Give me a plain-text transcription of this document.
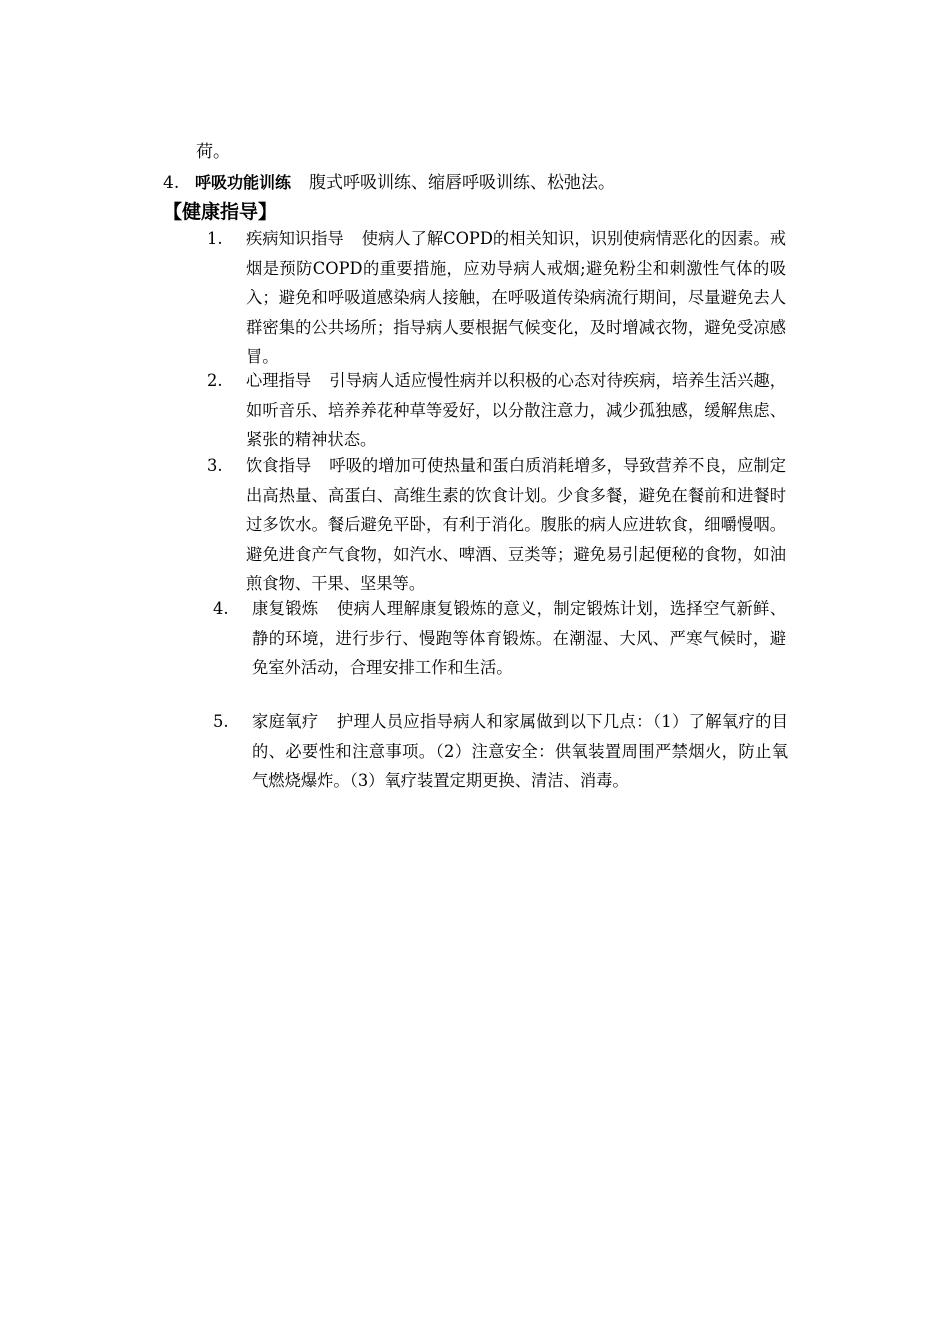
荷。
4. 呼吸功能训练 腹式呼吸训练、缩唇呼吸训练、松弛法。
【健康指导】
1. 疾病知识指导 使病人了解COPD的相关知识，识别使病情恶化的因素。戒烟是预防COPD的重要措施，应劝导病人戒烟;避免粉尘和刺激性气体的吸入；避免和呼吸道感染病人接触，在呼吸道传染病流行期间，尽量避免去人群密集的公共场所；指导病人要根据气候变化，及时增减衣物，避免受凉感冒。
2. 心理指导 引导病人适应慢性病并以积极的心态对待疾病，培养生活兴趣，如听音乐、培养养花种草等爱好，以分散注意力，减少孤独感，缓解焦虑、紧张的精神状态。
3. 饮食指导 呼吸的增加可使热量和蛋白质消耗增多，导致营养不良，应制定出高热量、高蛋白、高维生素的饮食计划。少食多餐，避免在餐前和进餐时过多饮水。餐后避免平卧，有利于消化。腹胀的病人应进软食，细嚼慢咽。避免进食产气食物，如汽水、啤酒、豆类等；避免易引起便秘的食物，如油煎食物、干果、坚果等。
4. 康复锻炼 使病人理解康复锻炼的意义，制定锻炼计划，选择空气新鲜、静的环境，进行步行、慢跑等体育锻炼。在潮湿、大风、严寒气候时，避免室外活动，合理安排工作和生活。
5. 家庭氧疗 护理人员应指导病人和家属做到以下几点：（1）了解氧疗的目的、必要性和注意事项。（2）注意安全：供氧装置周围严禁烟火，防止氧气燃烧爆炸。（3）氧疗装置定期更换、清洁、消毒。
